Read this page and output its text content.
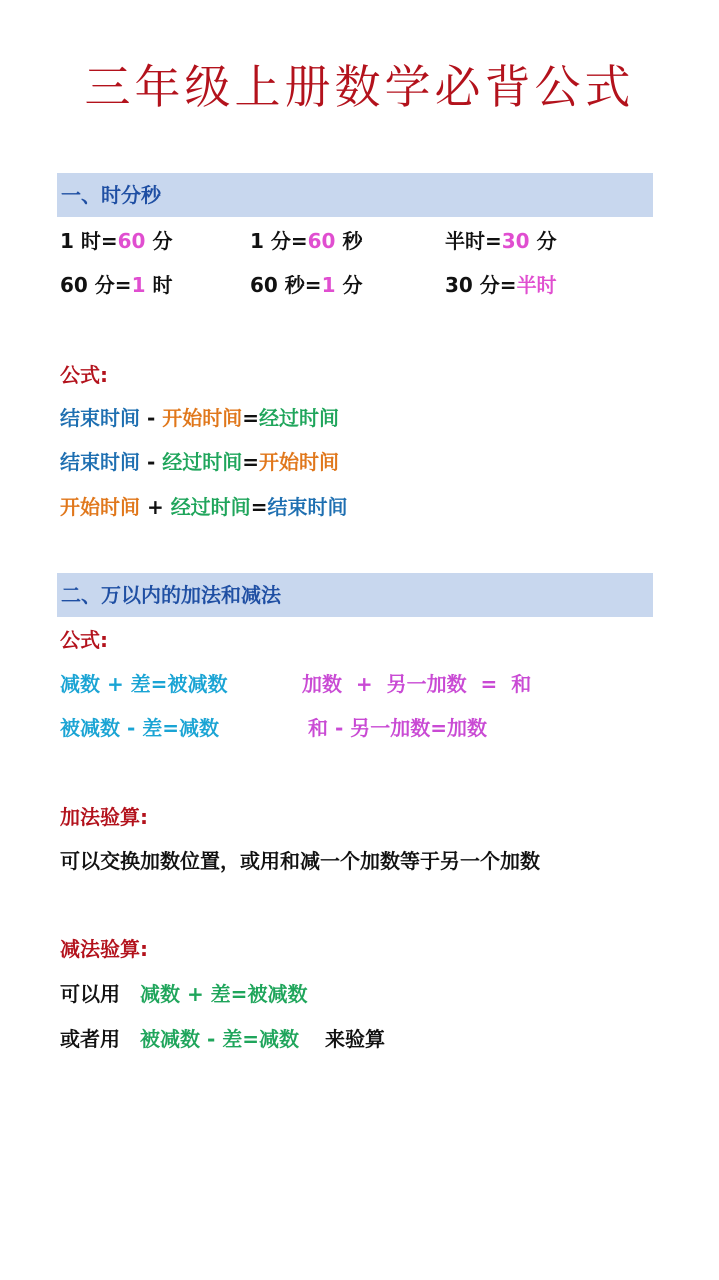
三年级上册数学必背公式
一、时分秒
1 时=60 分	1 分=60 秒	半时=30 分
60 分=1 时	60 秒=1 分	30 分=半时
公式:
结束时间 - 开始时间=经过时间
结束时间 - 经过时间=开始时间
开始时间 + 经过时间=结束时间
二、万以内的加法和减法
公式:
减数 + 差=被减数	加数  +  另一加数  =  和
被减数 - 差=减数	和 - 另一加数=加数
加法验算:
可以交换加数位置，或用和减一个加数等于另一个加数
减法验算:
可以用 减数 + 差=被减数
或者用 被减数 - 差=减数 来验算
